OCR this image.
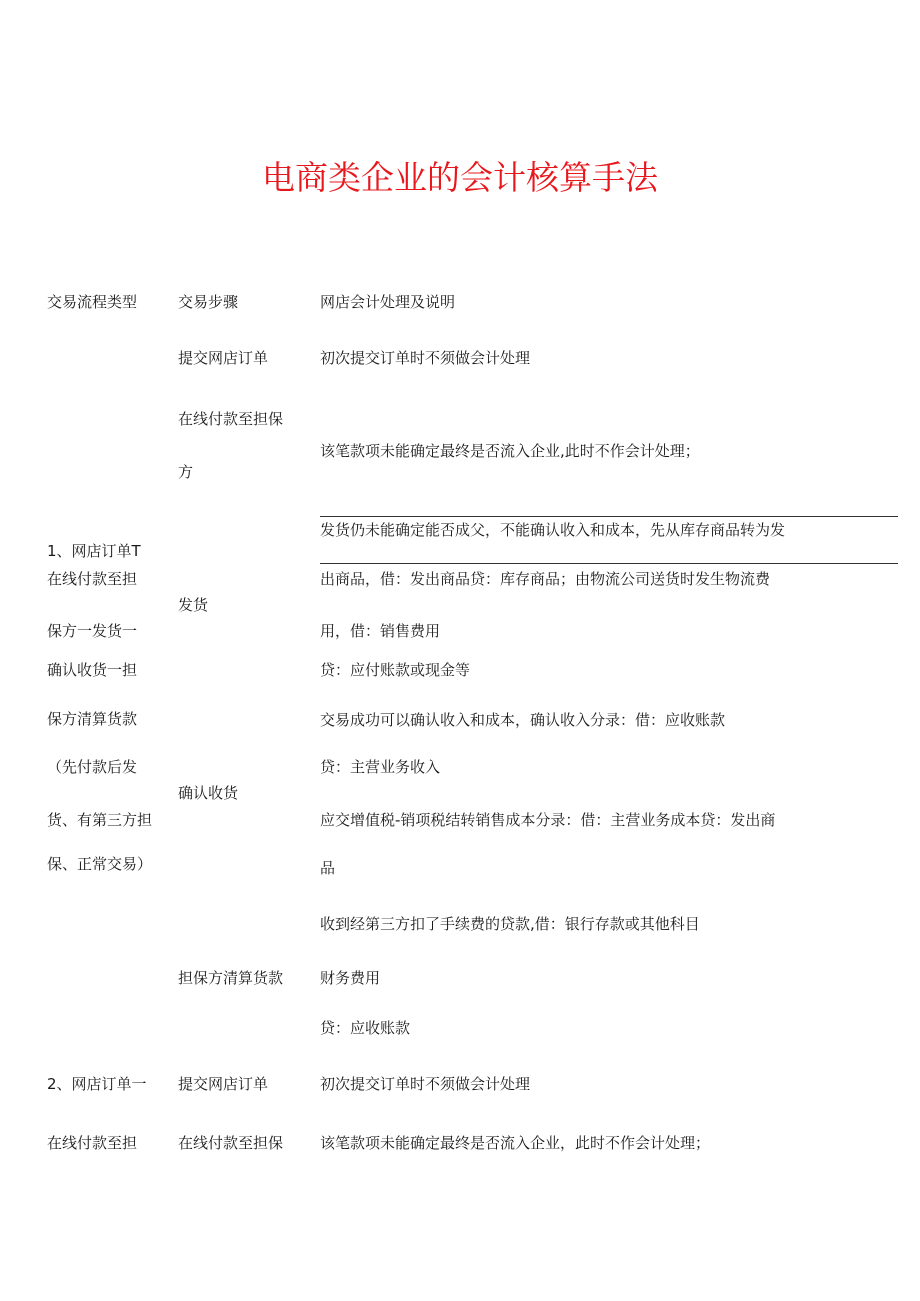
电商类企业的会计核算手法
交易流程类型	交易步骤	网店会计处理及说明
1、网店订单T
在线付款至担
保方一发货一
确认收货一担
保方清算货款
（先付款后发
货、有第三方担
保、正常交易）
提交网店订单
在线付款至担保
方
发货
确认收货
担保方清算货款
初次提交订单时不须做会计处理
该笔款项未能确定最终是否流入企业,此时不作会计处理；
发货仍未能确定能否成父，不能确认收入和成本，先从库存商品转为发
出商品，借：发出商品贷：库存商品；由物流公司送货时发生物流费
用，借：销售费用
贷：应付账款或现金等
交易成功可以确认收入和成本，确认收入分录：借：应收账款
贷：主营业务收入
应交增值税-销项税结转销售成本分录：借：主营业务成本贷：发出商
品
收到经第三方扣了手续费的贷款,借：银行存款或其他科目
财务费用
贷：应收账款
2、网店订单一
在线付款至担
提交网店订单
在线付款至担保
初次提交订单时不须做会计处理
该笔款项未能确定最终是否流入企业，此时不作会计处理；
